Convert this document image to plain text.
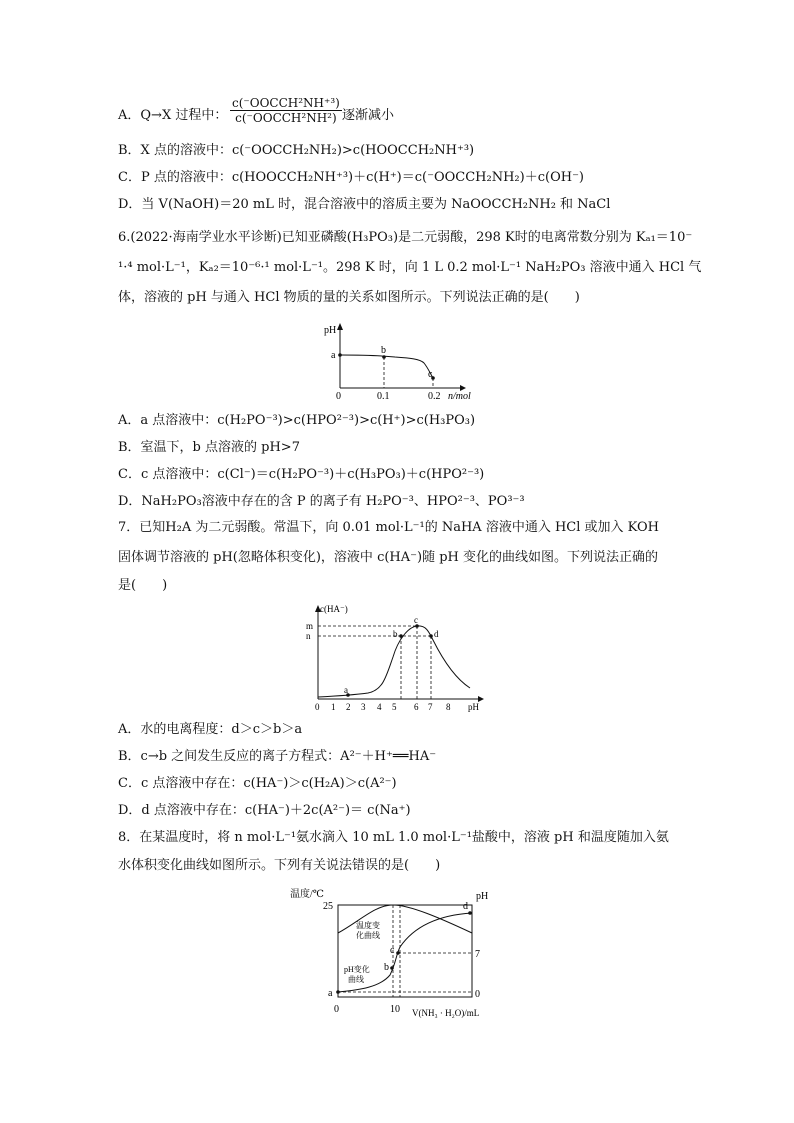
A．Q→X 过程中：
c(⁻OOCCH²NH⁺³)
c(⁻OOCCH²NH²) 逐渐减小
B．X 点的溶液中：c(⁻OOCCH₂NH₂)>c(HOOCCH₂NH⁺³)
C．P 点的溶液中：c(HOOCCH₂NH⁺³)＋c(H⁺)＝c(⁻OOCCH₂NH₂)＋c(OH⁻)
D．当 V(NaOH)＝20 mL 时，混合溶液中的溶质主要为 NaOOCCH₂NH₂ 和 NaCl
6.(2022·海南学业水平诊断)已知亚磷酸(H₃PO₃)是二元弱酸，298 K时的电离常数分别为 Kₐ₁＝10⁻
¹·⁴ mol·L⁻¹，Kₐ₂＝10⁻⁶·¹ mol·L⁻¹。298 K 时，向 1 L 0.2 mol·L⁻¹ NaH₂PO₃ 溶液中通入 HCl 气
体，溶液的 pH 与通入 HCl 物质的量的关系如图所示。下列说法正确的是(　　)
pH
0	0.1	0.2 n/mol
a	b
c
A．a 点溶液中：c(H₂PO⁻³)>c(HPO²⁻³)>c(H⁺)>c(H₃PO₃)
B．室温下，b 点溶液的 pH>7
C．c 点溶液中：c(Cl⁻)＝c(H₂PO⁻³)＋c(H₃PO₃)＋c(HPO²⁻³)
D．NaH₂PO₃溶液中存在的含 P 的离子有 H₂PO⁻³、HPO²⁻³、PO³⁻³
7．已知H₂A 为二元弱酸。常温下，向 0.01 mol·L⁻¹的 NaHA 溶液中通入 HCl 或加入 KOH
固体调节溶液的 pH(忽略体积变化)，溶液中 c(HA⁻)随 pH 变化的曲线如图。下列说法正确的
是(　　)
c(HA⁻)
m
n
a
b
c
d
0 1 2 3 4 5 6 7 8 pH
A．水的电离程度：d＞c＞b＞a
B．c→b 之间发生反应的离子方程式：A²⁻＋H⁺══HA⁻
C．c 点溶液中存在：c(HA⁻)＞c(H₂A)＞c(A²⁻)
D．d 点溶液中存在：c(HA⁻)＋2c(A²⁻)＝ c(Na⁺)
8．在某温度时，将 n mol·L⁻¹氨水滴入 10 mL 1.0 mol·L⁻¹盐酸中，溶液 pH 和温度随加入氨
水体积变化曲线如图所示。下列有关说法错误的是(　　)
温度/℃	pH
25
7
0
0	10 V(NH₃ · H₂O)/mL
a
b
c
d
温度变
化曲线
pH变化
曲线
